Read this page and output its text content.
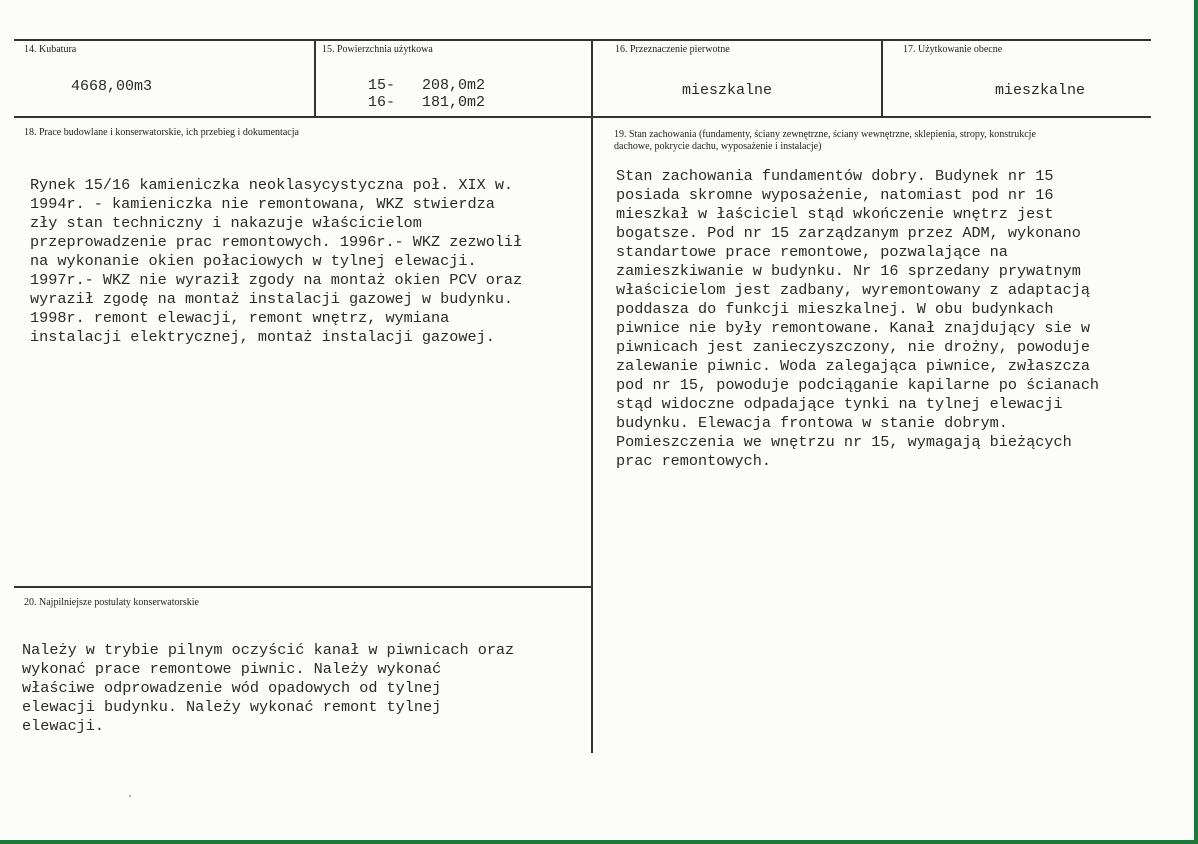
14. Kubatura
4668,00m3
15. Powierzchnia użytkowa
15-   208,0m2
16-   181,0m2
16. Przeznaczenie pierwotne
mieszkalne
17. Użytkowanie obecne
mieszkalne
18. Prace budowlane i konserwatorskie, ich przebieg i dokumentacja
Rynek 15/16 kamieniczka neoklasycystyczna poł. XIX w.
1994r. - kamieniczka nie remontowana, WKZ stwierdza
zły stan techniczny i nakazuje właścicielom
przeprowadzenie prac remontowych. 1996r.- WKZ zezwolił
na wykonanie okien połaciowych w tylnej elewacji.
1997r.- WKZ nie wyraził zgody na montaż okien PCV oraz
wyraził zgodę na montaż instalacji gazowej w budynku.
1998r. remont elewacji, remont wnętrz, wymiana
instalacji elektrycznej, montaż instalacji gazowej.
19. Stan zachowania (fundamenty, ściany zewnętrzne, ściany wewnętrzne, sklepienia, stropy, konstrukcje
dachowe, pokrycie dachu, wyposażenie i instalacje)
Stan zachowania fundamentów dobry. Budynek nr 15
posiada skromne wyposażenie, natomiast pod nr 16
mieszkał w łaściciel stąd wkończenie wnętrz jest
bogatsze. Pod nr 15 zarządzanym przez ADM, wykonano
standartowe prace remontowe, pozwalające na
zamieszkiwanie w budynku. Nr 16 sprzedany prywatnym
właścicielom jest zadbany, wyremontowany z adaptacją
poddasza do funkcji mieszkalnej. W obu budynkach
piwnice nie były remontowane. Kanał znajdujący sie w
piwnicach jest zanieczyszczony, nie drożny, powoduje
zalewanie piwnic. Woda zalegająca piwnice, zwłaszcza
pod nr 15, powoduje podciąganie kapilarne po ścianach
stąd widoczne odpadające tynki na tylnej elewacji
budynku. Elewacja frontowa w stanie dobrym.
Pomieszczenia we wnętrzu nr 15, wymagają bieżących
prac remontowych.
20. Najpilniejsze postulaty konserwatorskie
Należy w trybie pilnym oczyścić kanał w piwnicach oraz
wykonać prace remontowe piwnic. Należy wykonać
właściwe odprowadzenie wód opadowych od tylnej
elewacji budynku. Należy wykonać remont tylnej
elewacji.
